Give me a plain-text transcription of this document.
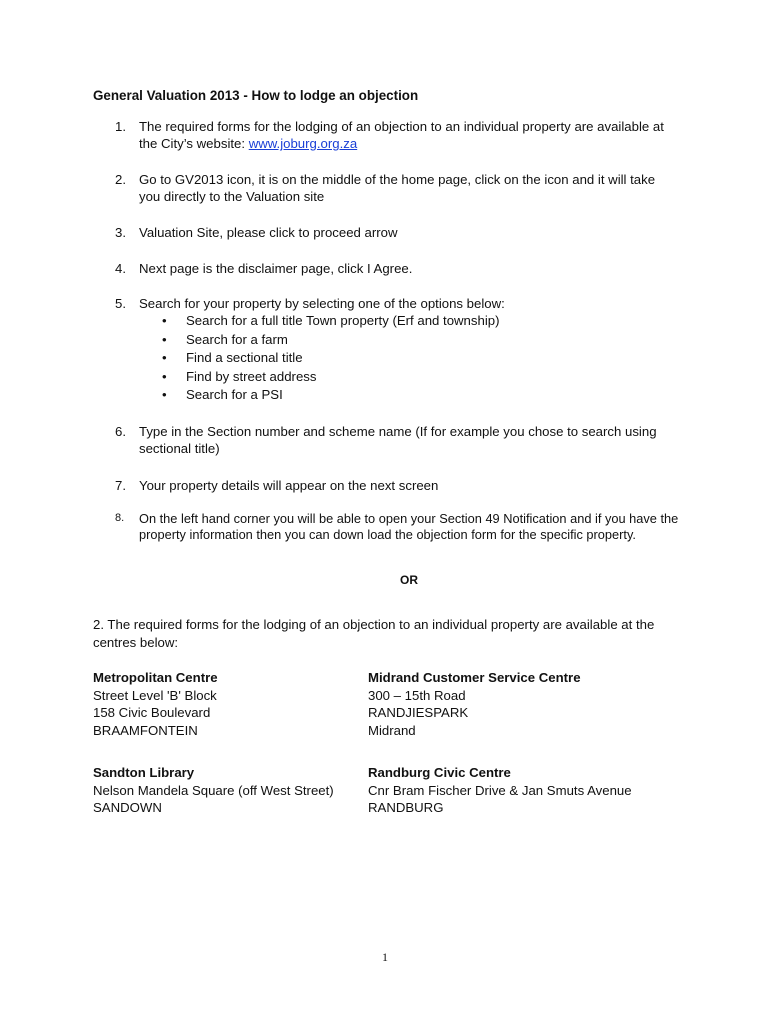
General Valuation 2013 - How to lodge an objection
1. The required forms for the lodging of an objection to an individual property are available at the City’s website: www.joburg.org.za
2. Go to GV2013 icon, it is on the middle of the home page, click on the icon and it will take you directly to the Valuation site
3. Valuation Site, please click to proceed arrow
4. Next page is the disclaimer page, click I Agree.
5. Search for your property by selecting one of the options below:
• Search for a full title Town property (Erf and township)
• Search for a farm
• Find a sectional title
• Find by street address
• Search for a PSI
6. Type in the Section number and scheme name (If for example you chose to search using sectional title)
7. Your property details will appear on the next screen
8.	On the left hand corner you will be able to open your Section 49 Notification and if you have the property information then you can down load the objection form for the specific property.
OR
2. The required forms for the lodging of an objection to an individual property are available at the centres below:
Metropolitan Centre
Street Level 'B' Block
158 Civic Boulevard
BRAAMFONTEIN
Midrand Customer Service Centre
300 – 15th Road
RANDJIESPARK
Midrand
Sandton Library
Nelson Mandela Square (off West Street)
SANDOWN
Randburg Civic Centre
Cnr Bram Fischer Drive & Jan Smuts Avenue
RANDBURG
1
